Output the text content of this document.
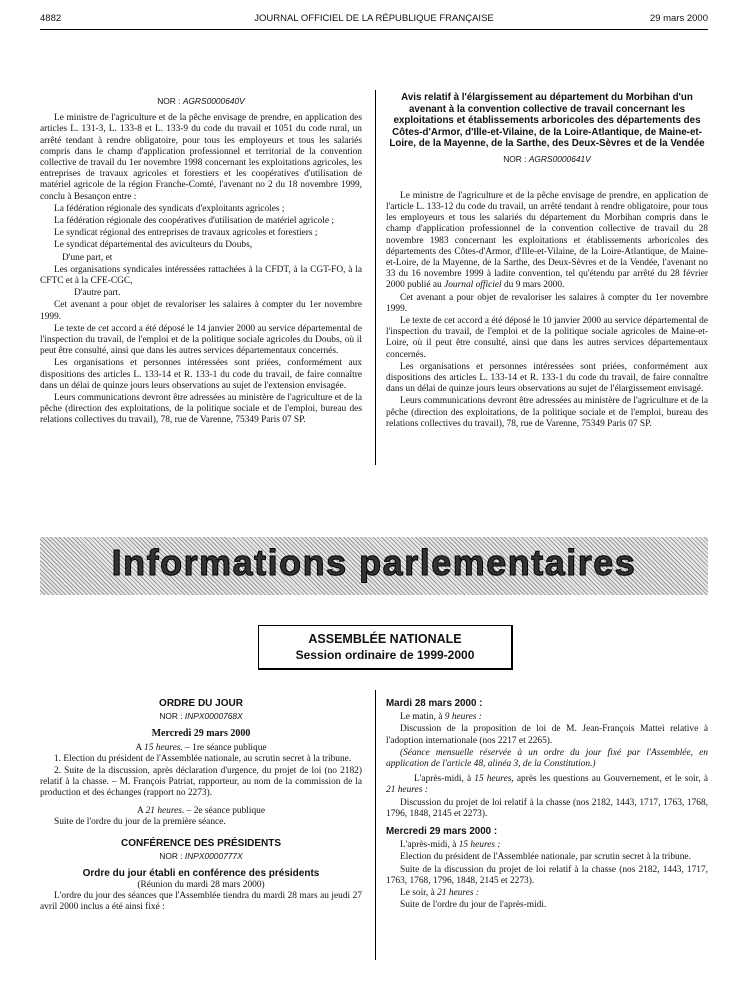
4882	JOURNAL OFFICIEL DE LA RÉPUBLIQUE FRANÇAISE	29 mars 2000
NOR : AGRS0000640V

Le ministre de l'agriculture et de la pêche envisage de prendre, en application des articles L. 131-3, L. 133-8 et L. 133-9 du code du travail et 1051 du code rural, un arrêté tendant à rendre obligatoire, pour tous les employeurs et tous les salariés compris dans le champ d'application professionnel et territorial de la convention collective de travail du 1er novembre 1998 concernant les exploitations agricoles, les entreprises de travaux agricoles et forestiers et les coopératives d'utilisation de matériel agricole de la région Franche-Comté, l'avenant no 2 du 18 novembre 1999, conclu à Besançon entre :

La fédération régionale des syndicats d'exploitants agricoles ;

La fédération régionale des coopératives d'utilisation de matériel agricole ;

Le syndicat régional des entreprises de travaux agricoles et forestiers ;

Le syndicat départemental des aviculteurs du Doubs,

D'une part, et

Les organisations syndicales intéressées rattachées à la CFDT, à la CGT-FO, à la CFTC et à la CFE-CGC,

D'autre part.

Cet avenant a pour objet de revaloriser les salaires à compter du 1er novembre 1999.

Le texte de cet accord a été déposé le 14 janvier 2000 au service départemental de l'inspection du travail, de l'emploi et de la politique sociale agricoles du Doubs, où il peut être consulté, ainsi que dans les autres services départementaux concernés.

Les organisations et personnes intéressées sont priées, conformément aux dispositions des articles L. 133-14 et R. 133-1 du code du travail, de faire connaître dans un délai de quinze jours leurs observations au sujet de l'extension envisagée.

Leurs communications devront être adressées au ministère de l'agriculture et de la pêche (direction des exploitations, de la politique sociale et de l'emploi, bureau des relations collectives du travail), 78, rue de Varenne, 75349 Paris 07 SP.

Avis relatif à l'élargissement au département du Morbihan d'un avenant à la convention collective de travail concernant les exploitations et établissements arboricoles des départements des Côtes-d'Armor, d'Ille-et-Vilaine, de la Loire-Atlantique, de Maine-et-Loire, de la Mayenne, de la Sarthe, des Deux-Sèvres et de la Vendée
NOR : AGRS0000641V

Le ministre de l'agriculture et de la pêche envisage de prendre, en application de l'article L. 133-12 du code du travail, un arrêté tendant à rendre obligatoire, pour tous les employeurs et tous les salariés du département du Morbihan compris dans le champ d'application professionnel de la convention collective de travail du 28 novembre 1983 concernant les exploitations et établissements arboricoles des départements des Côtes-d'Armor, d'Ille-et-Vilaine, de la Loire-Atlantique, de Maine-et-Loire, de la Mayenne, de la Sarthe, des Deux-Sèvres et de la Vendée, l'avenant no 33 du 16 novembre 1999 à ladite convention, tel qu'étendu par arrêté du 28 février 2000 publié au Journal officiel du 9 mars 2000.

Cet avenant a pour objet de revaloriser les salaires à compter du 1er novembre 1999.

Le texte de cet accord a été déposé le 10 janvier 2000 au service départemental de l'inspection du travail, de l'emploi et de la politique sociale agricoles de Maine-et-Loire, où il peut être consulté, ainsi que dans les autres services départementaux concernés.

Les organisations et personnes intéressées sont priées, conformément aux dispositions des articles L. 133-14 et R. 133-1 du code du travail, de faire connaître dans un délai de quinze jours leurs observations au sujet de l'élargissement envisagé.

Leurs communications devront être adressées au ministère de l'agriculture et de la pêche (direction des exploitations, de la politique sociale et de l'emploi, bureau des relations collectives du travail), 78, rue de Varenne, 75349 Paris 07 SP.

Informations parlementaires
ASSEMBLÉE NATIONALE
Session ordinaire de 1999-2000
ORDRE DU JOUR
NOR : INPX0000768X
Mercredi 29 mars 2000
A 15 heures. – 1re séance publique

1. Election du président de l'Assemblée nationale, au scrutin secret à la tribune.

2. Suite de la discussion, après déclaration d'urgence, du projet de loi (no 2182) relatif à la chasse. – M. François Patriat, rapporteur, au nom de la commission de la production et des échanges (rapport no 2273).

A 21 heures. – 2e séance publique

Suite de l'ordre du jour de la première séance.

CONFÉRENCE DES PRÉSIDENTS
NOR : INPX0000777X
Ordre du jour établi en conférence des présidents
(Réunion du mardi 28 mars 2000)

L'ordre du jour des séances que l'Assemblée tiendra du mardi 28 mars au jeudi 27 avril 2000 inclus a été ainsi fixé :

Mardi 28 mars 2000 :

Le matin, à 9 heures :

Discussion de la proposition de loi de M. Jean-François Mattei relative à l'adoption internationale (nos 2217 et 2265).

(Séance mensuelle réservée à un ordre du jour fixé par l'Assemblée, en application de l'article 48, alinéa 3, de la Constitution.)

L'après-midi, à 15 heures, après les questions au Gouvernement, et le soir, à 21 heures :

Discussion du projet de loi relatif à la chasse (nos 2182, 1443, 1717, 1763, 1768, 1796, 1848, 2145 et 2273).

Mercredi 29 mars 2000 :

L'après-midi, à 15 heures :

Election du président de l'Assemblée nationale, par scrutin secret à la tribune.

Suite de la discussion du projet de loi relatif à la chasse (nos 2182, 1443, 1717, 1763, 1768, 1796, 1848, 2145 et 2273).

Le soir, à 21 heures :

Suite de l'ordre du jour de l'après-midi.
